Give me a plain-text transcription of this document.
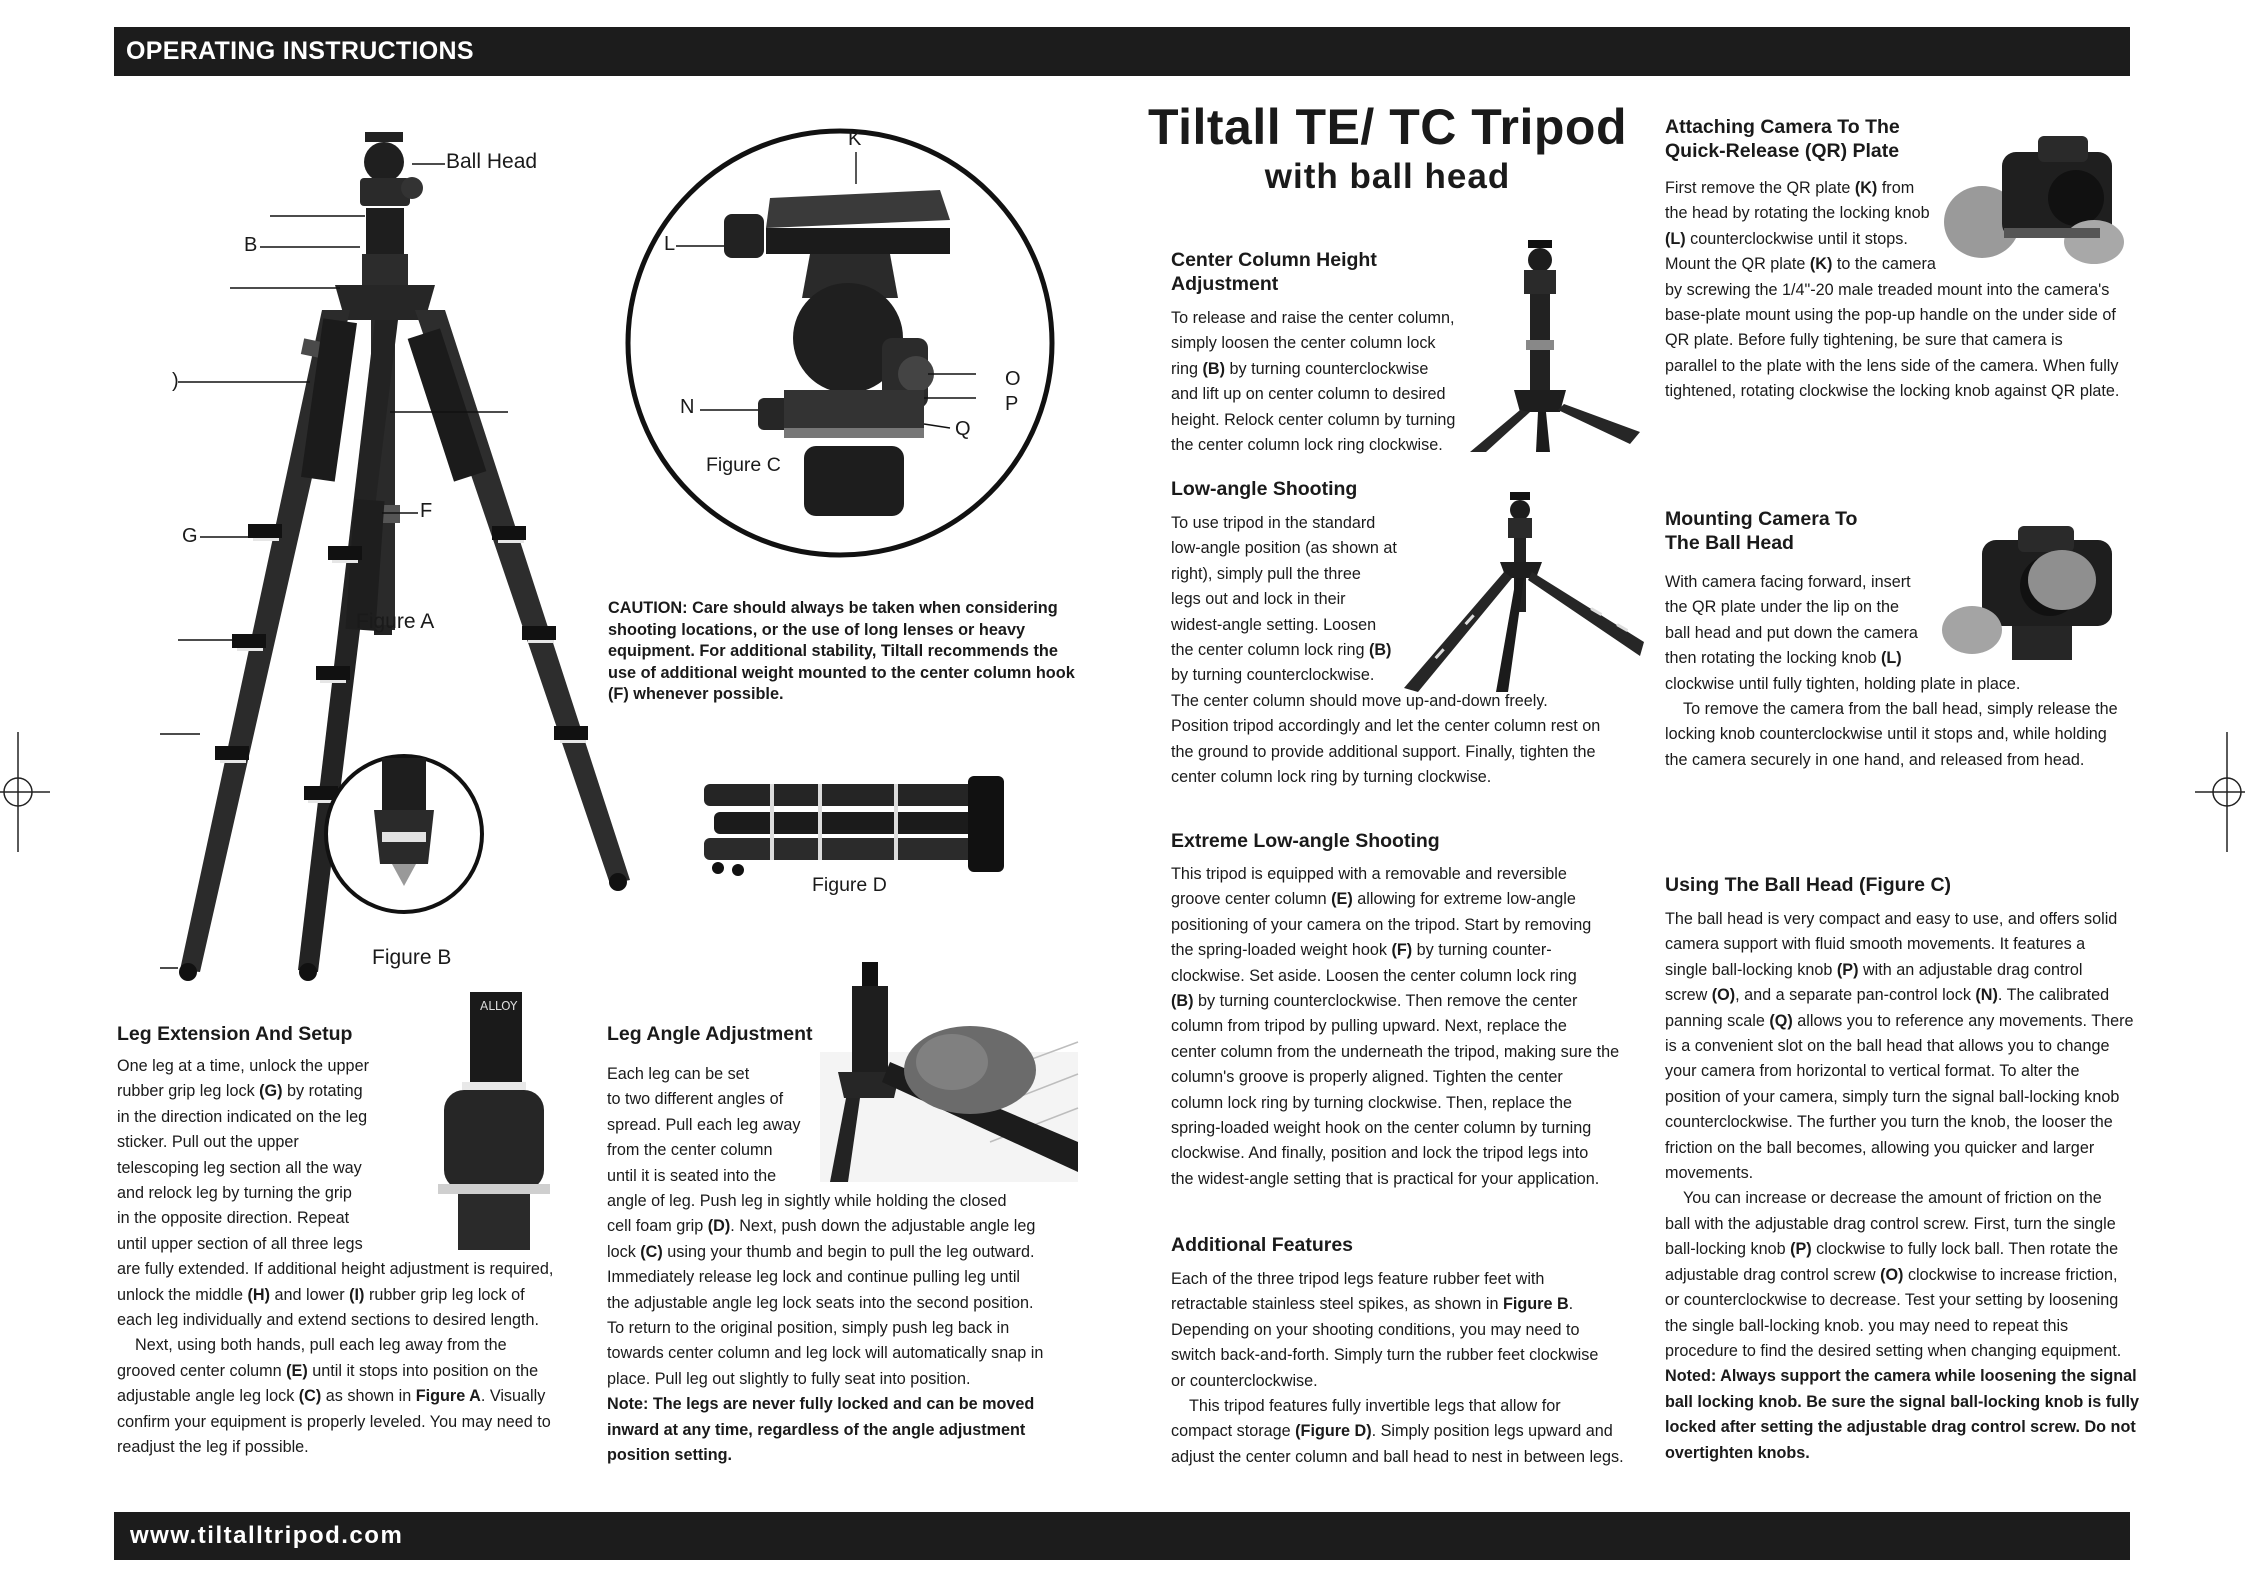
OPERATING INSTRUCTIONS
www.tiltalltripod.com
Ball Head
B
)
G
F
Figure A
Figure B
K
L
N
O
P
Q
Figure C
CAUTION: Care should always be taken when considering shooting locations, or the use of long lenses or heavy equipment. For additional stability, Tiltall recommends the use of additional weight mounted to the center column hook (F) whenever possible.
Figure D
ALLOY
Tiltall TE/ TC Tripod
with ball head
Leg Extension And Setup

One leg at a time, unlock the upper

rubber grip leg lock (G) by rotating

in the direction indicated on the leg

sticker. Pull out the upper

telescoping leg section all the way

and relock leg by turning the grip

in the opposite direction. Repeat

until upper section of all three legs

are fully extended. If additional height adjustment is required,

unlock the middle (H) and lower (I) rubber grip leg lock of

each leg individually and extend sections to desired length.

Next, using both hands, pull each leg away from the

grooved center column (E) until it stops into position on the

adjustable angle leg lock (C) as shown in Figure A. Visually

confirm your equipment is properly leveled. You may need to

readjust the leg if possible.

Leg Angle Adjustment

Each leg can be set

to two different angles of

spread. Pull each leg away

from the center column

until it is seated into the

angle of leg. Push leg in sightly while holding the closed

cell foam grip (D). Next, push down the adjustable angle leg

lock (C) using your thumb and begin to pull the leg outward.

Immediately release leg lock and continue pulling leg until

the adjustable angle leg lock seats into the second position.

To return to the original position, simply push leg back in

towards center column and leg lock will automatically snap in

place. Pull leg out slightly to fully seat into position.

Note: The legs are never fully locked and can be moved

inward at any time, regardless of the angle adjustment

position setting.

Center Column Height
Adjustment

To release and raise the center column,

simply loosen the center column lock

ring (B) by turning counterclockwise

and lift up on center column to desired

height. Relock center column by turning

the center column lock ring clockwise.

Low-angle Shooting

To use tripod in the standard

low-angle position (as shown at

right), simply pull the three

legs out and lock in their

widest-angle setting. Loosen

the center column lock ring (B)

by turning counterclockwise.

The center column should move up-and-down freely.

Position tripod accordingly and let the center column rest on

the ground to provide additional support. Finally, tighten the

center column lock ring by turning clockwise.

Extreme Low-angle Shooting

This tripod is equipped with a removable and reversible

groove center column (E) allowing for extreme low-angle

positioning of your camera on the tripod. Start by removing

the spring-loaded weight hook (F) by turning counter-

clockwise. Set aside. Loosen the center column lock ring

(B) by turning counterclockwise. Then remove the center

column from tripod by pulling upward. Next, replace the

center column from the underneath the tripod, making sure the

column's groove is properly aligned. Tighten the center

column lock ring by turning clockwise. Then, replace the

spring-loaded weight hook on the center column by turning

clockwise. And finally, position and lock the tripod legs into

the widest-angle setting that is practical for your application.

Additional Features

Each of the three tripod legs feature rubber feet with

retractable stainless steel spikes, as shown in Figure B.

Depending on your shooting conditions, you may need to

switch back-and-forth. Simply turn the rubber feet clockwise

or counterclockwise.

This tripod features fully invertible legs that allow for

compact storage (Figure D). Simply position legs upward and

adjust the center column and ball head to nest in between legs.

Attaching Camera To The
Quick-Release (QR) Plate

First remove the QR plate (K) from

the head by rotating the locking knob

(L) counterclockwise until it stops.

Mount the QR plate (K) to the camera

by screwing the 1/4"-20 male treaded mount into the camera's

base-plate mount using the pop-up handle on the under side of

QR plate. Before fully tightening, be sure that camera is

parallel to the plate with the lens side of the camera. When fully

tightened, rotating clockwise the locking knob against QR plate.

Mounting Camera To
The Ball Head

With camera facing forward, insert

the QR plate under the lip on the

ball head and put down the camera

then rotating the locking knob (L)

clockwise until fully tighten, holding plate in place.

To remove the camera from the ball head, simply release the

locking knob counterclockwise until it stops and, while holding

the camera securely in one hand, and released from head.

Using The Ball Head (Figure C)

The ball head is very compact and easy to use, and offers solid

camera support with fluid smooth movements. It features a

single ball-locking knob (P) with an adjustable drag control

screw (O), and a separate pan-control lock (N). The calibrated

panning scale (Q) allows you to reference any movements. There

is a convenient slot on the ball head that allows you to change

your camera from horizontal to vertical format. To alter the

position of your camera, simply turn the signal ball-locking knob

counterclockwise. The further you turn the knob, the looser the

friction on the ball becomes, allowing you quicker and larger

movements.

You can increase or decrease the amount of friction on the

ball with the adjustable drag control screw. First, turn the single

ball-locking knob (P) clockwise to fully lock ball. Then rotate the

adjustable drag control screw (O) clockwise to increase friction,

or counterclockwise to decrease. Test your setting by loosening

the single ball-locking knob. you may need to repeat this

procedure to find the desired setting when changing equipment.

Noted: Always support the camera while loosening the signal

ball locking knob. Be sure the signal ball-locking knob is fully

locked after setting the adjustable drag control screw. Do not

overtighten knobs.
